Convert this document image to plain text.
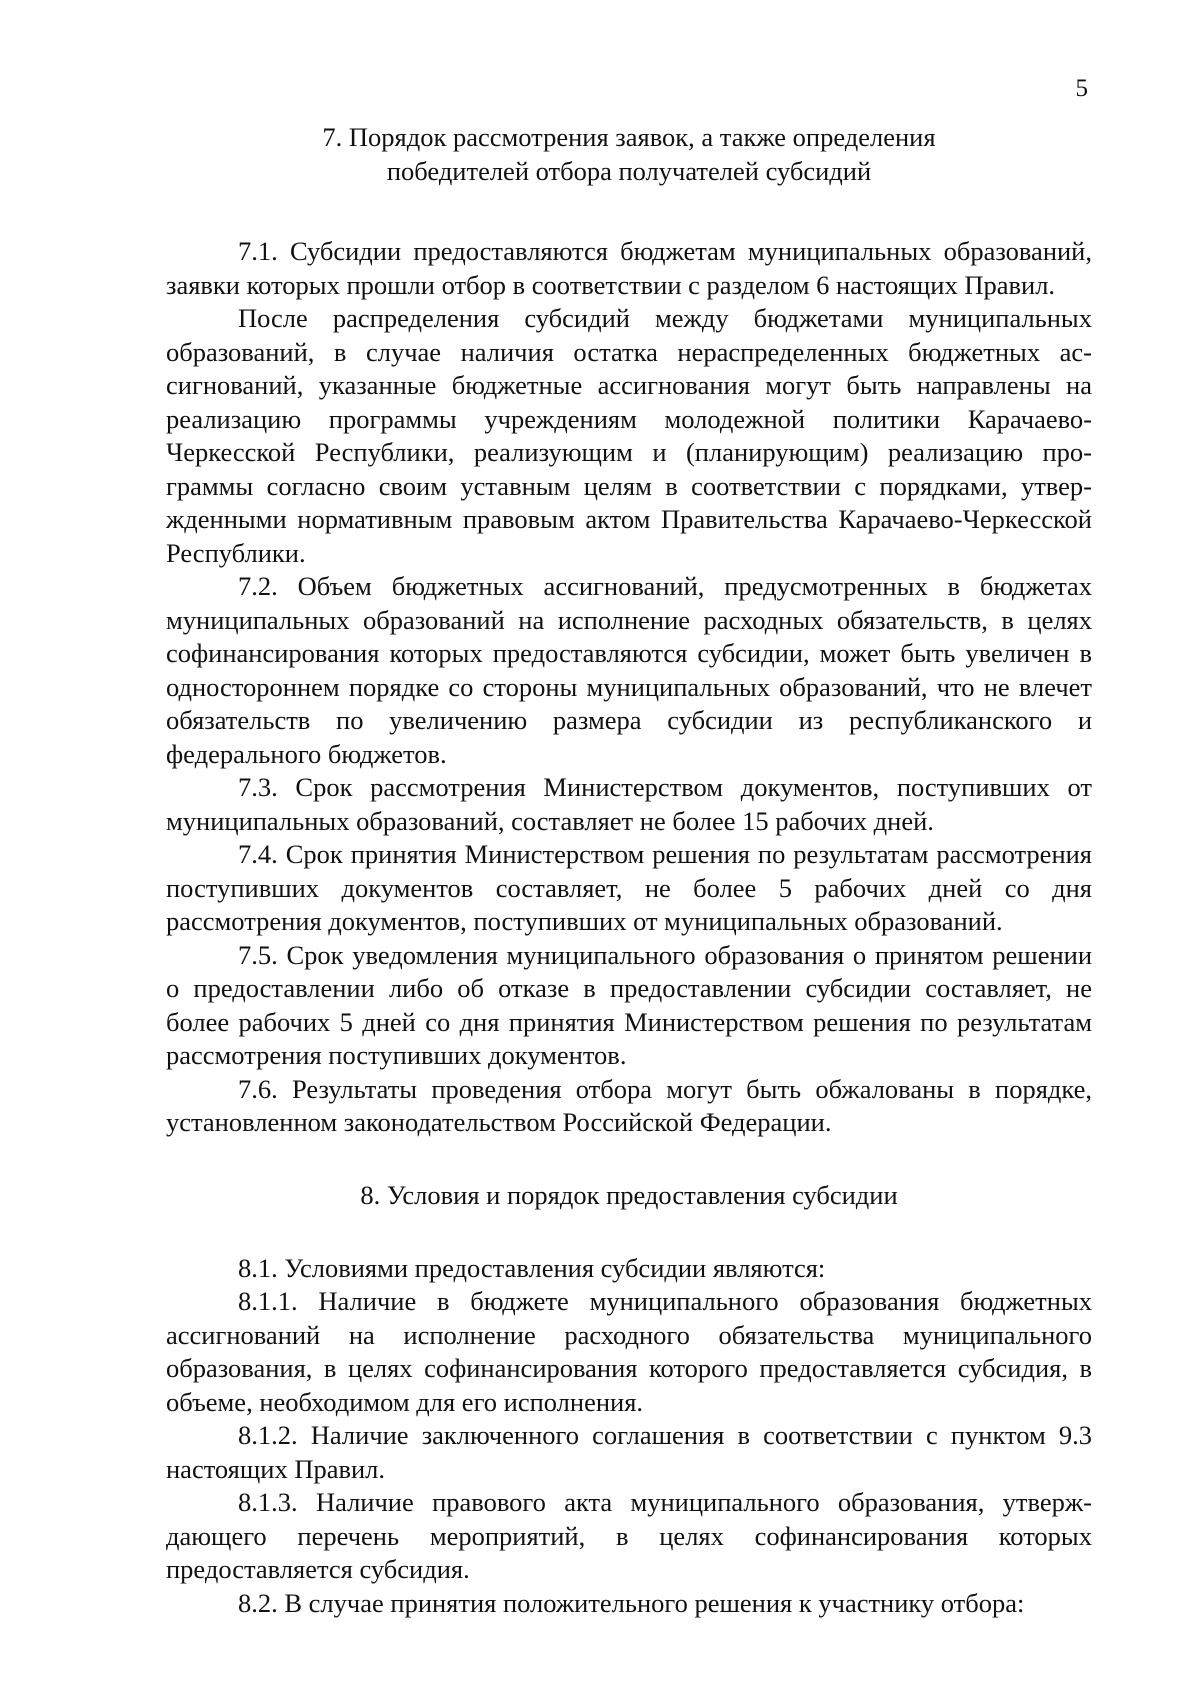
5
7. Порядок рассмотрения заявок, а также определения
победителей отбора получателей субсидий

7.1. Субсидии предоставляются бюджетам муниципальных образований, заявки которых прошли отбор в соответствии с разделом 6 настоящих Правил.

После распределения субсидий между бюджетами муниципальных образований, в случае наличия остатка нераспределенных бюджетных ассигнований, указанные бюджетные ассигнования могут быть направлены на реализацию программы учреждениям молодежной политики Карачаево-Черкесской Республики, реализующим и (планирующим) реализацию программы согласно своим уставным целям в соответствии с порядками, утвержденными нормативным правовым актом Правительства Карачаево-Черкесской Республики.

7.2. Объем бюджетных ассигнований, предусмотренных в бюджетах муниципальных образований на исполнение расходных обязательств, в целях софинансирования которых предоставляются субсидии, может быть увеличен в одностороннем порядке со стороны муниципальных образований, что не влечет обязательств по увеличению размера субсидии из республиканского и федерального бюджетов.

7.3. Срок рассмотрения Министерством документов, поступивших от муниципальных образований, составляет не более 15 рабочих дней.

7.4. Срок принятия Министерством решения по результатам рассмотрения поступивших документов составляет, не более 5 рабочих дней со дня рассмотрения документов, поступивших от муниципальных образований.

7.5. Срок уведомления муниципального образования о принятом решении о предоставлении либо об отказе в предоставлении субсидии составляет, не более рабочих 5 дней со дня принятия Министерством решения по результатам рассмотрения поступивших документов.

7.6. Результаты проведения отбора могут быть обжалованы в порядке, установленном законодательством Российской Федерации.

8. Условия и порядок предоставления субсидии

8.1. Условиями предоставления субсидии являются:

8.1.1. Наличие в бюджете муниципального образования бюджетных ассигнований на исполнение расходного обязательства муниципального образования, в целях софинансирования которого предоставляется субсидия, в объеме, необходимом для его исполнения.

8.1.2. Наличие заключенного соглашения в соответствии с пунктом 9.3 настоящих Правил.

8.1.3. Наличие правового акта муниципального образования, утверждающего перечень мероприятий, в целях софинансирования которых предоставляется субсидия.

8.2. В случае принятия положительного решения к участнику отбора:
